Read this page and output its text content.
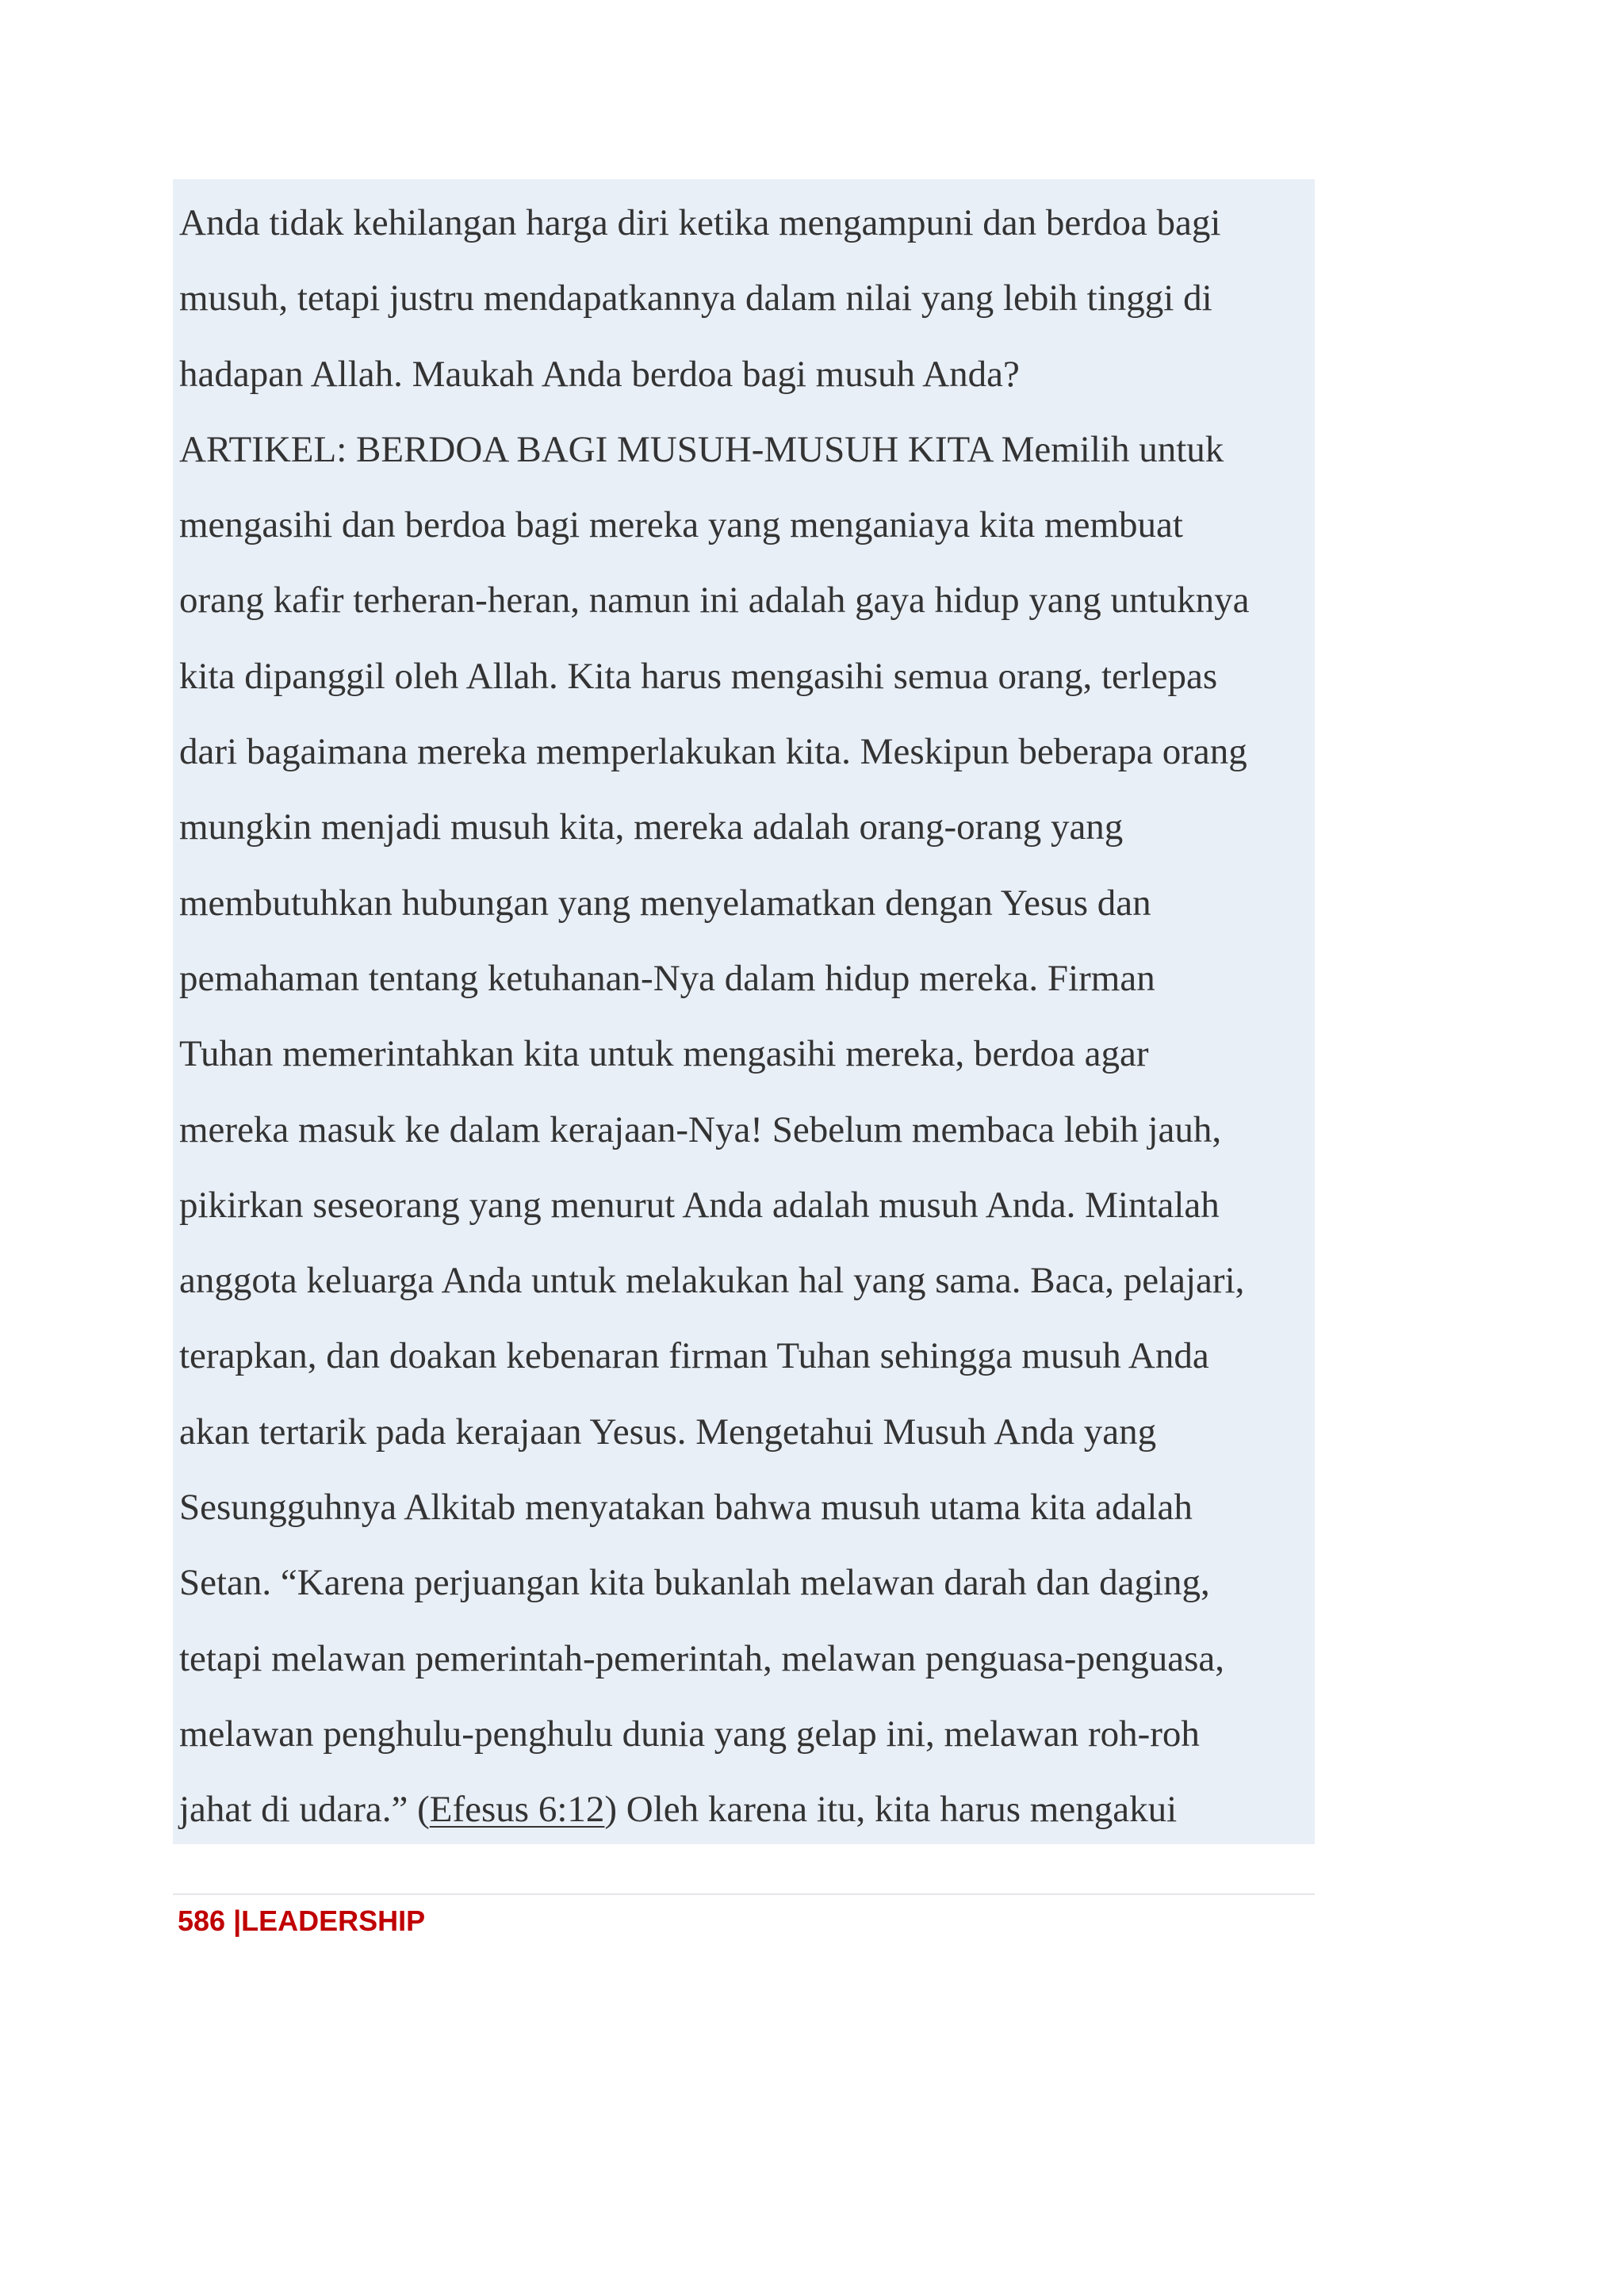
Anda tidak kehilangan harga diri ketika mengampuni dan berdoa bagi
musuh, tetapi justru mendapatkannya dalam nilai yang lebih tinggi di
hadapan Allah. Maukah Anda berdoa bagi musuh Anda?
ARTIKEL: BERDOA BAGI MUSUH-MUSUH KITA Memilih untuk
mengasihi dan berdoa bagi mereka yang menganiaya kita membuat
orang kafir terheran-heran, namun ini adalah gaya hidup yang untuknya
kita dipanggil oleh Allah. Kita harus mengasihi semua orang, terlepas
dari bagaimana mereka memperlakukan kita. Meskipun beberapa orang
mungkin menjadi musuh kita, mereka adalah orang-orang yang
membutuhkan hubungan yang menyelamatkan dengan Yesus dan
pemahaman tentang ketuhanan-Nya dalam hidup mereka. Firman
Tuhan memerintahkan kita untuk mengasihi mereka, berdoa agar
mereka masuk ke dalam kerajaan-Nya! Sebelum membaca lebih jauh,
pikirkan seseorang yang menurut Anda adalah musuh Anda. Mintalah
anggota keluarga Anda untuk melakukan hal yang sama. Baca, pelajari,
terapkan, dan doakan kebenaran firman Tuhan sehingga musuh Anda
akan tertarik pada kerajaan Yesus. Mengetahui Musuh Anda yang
Sesungguhnya Alkitab menyatakan bahwa musuh utama kita adalah
Setan. “Karena perjuangan kita bukanlah melawan darah dan daging,
tetapi melawan pemerintah-pemerintah, melawan penguasa-penguasa,
melawan penghulu-penghulu dunia yang gelap ini, melawan roh-roh
jahat di udara.” (Efesus 6:12) Oleh karena itu, kita harus mengakui
586 |LEADERSHIP
